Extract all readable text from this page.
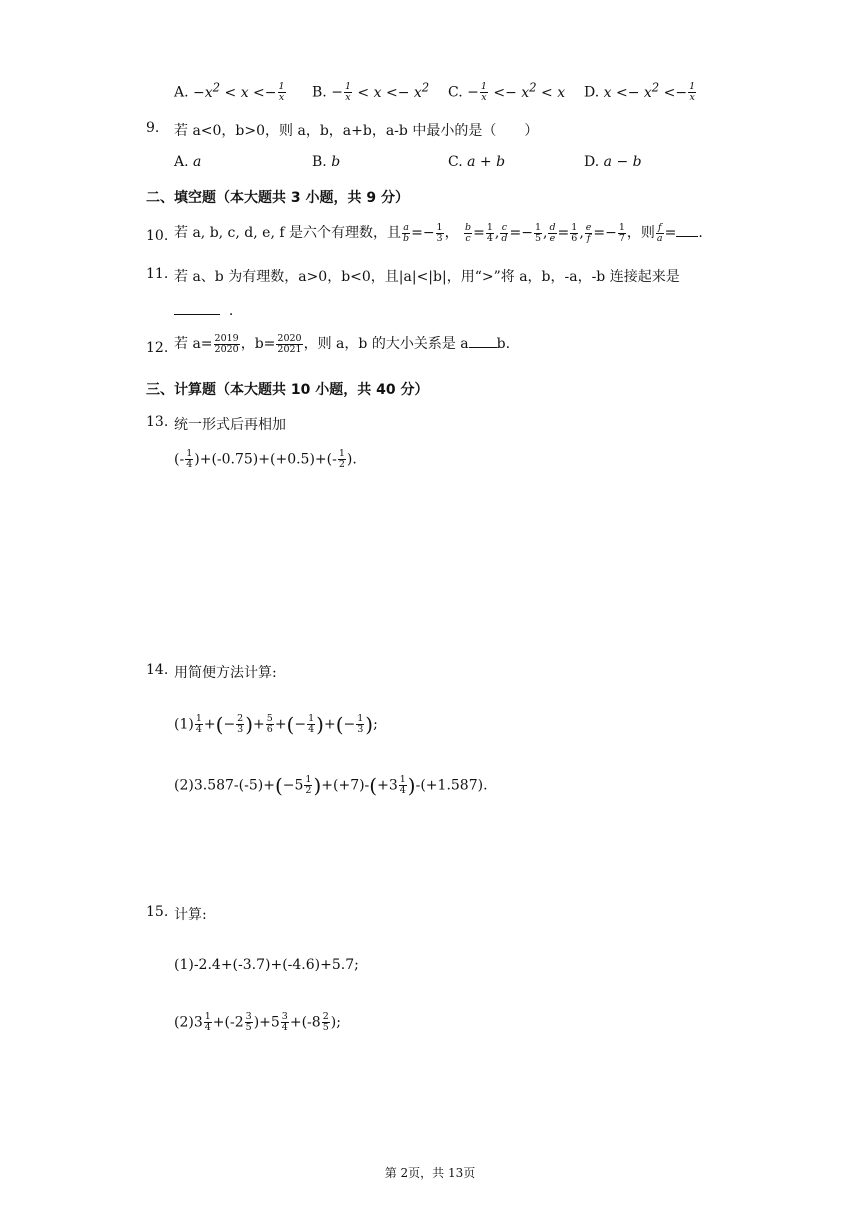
A. $-x^2 < x <- \frac{1}{x} B$. − $\frac{1}{x} < x <- x^2$ C. − $\frac{1}{x} <- x^2 < x$ D. $x <- x^2 <- \frac{1}{x}$
9. 若 a<0，b>0，则 a，b，a+b，a-b 中最小的是（　　）
A. a	B. b	C. a + b	D. a − b
二、填空题（本大题共 3 小题，共 9 分）
10. 若 a, b, c, d, e, f 是六个有理数，且 $\frac{a}{b} =- \frac{1}{3}$ ， $\frac{b}{c} = \frac{1}{4}$ , $\frac{c}{d} =- \frac{1}{5}$ , $\frac{d}{e} = \frac{1}{6}$ , $\frac{e}{f} =- \frac{1}{7}$ ，则 $\frac{f}{a}$ = .
11. 若 a、b 为有理数，a>0，b<0，且|a|<|b|，用“>”将 a，b，-a，-b 连接起来是
.
12. 若 $a= \frac{2019}{2020}$ ，$b= \frac{2020}{2021}$ ，则 a，b 的大小关系是 a b.
三、计算题（本大题共 10 小题，共 40 分）
13. 统一形式后再相加
(- $\frac{1}{4} )+(-0.75)+(+0.5)+(- \frac{1}{2}$ ).
14. 用简便方法计算:
$(1) \frac{1}{4}$ +(− $\frac{2}{3}$ )+ $\frac{5}{6}$ +(− $\frac{1}{4}$ )+(− $\frac{1}{3}$ );
$(2)3.587-(-5)+(-5 \frac{1}{2} )+(+7)-(+3 \frac{1}{4} )-(+1.587)$.
15. 计算:
(1)-2.4+(-3.7)+(-4.6)+5.7;
$(2)3 \frac{1}{4} +(-2 \frac{3}{5} )+5 \frac{3}{4} +(-8 \frac{2}{5}$ );
第 2页，共 13页
